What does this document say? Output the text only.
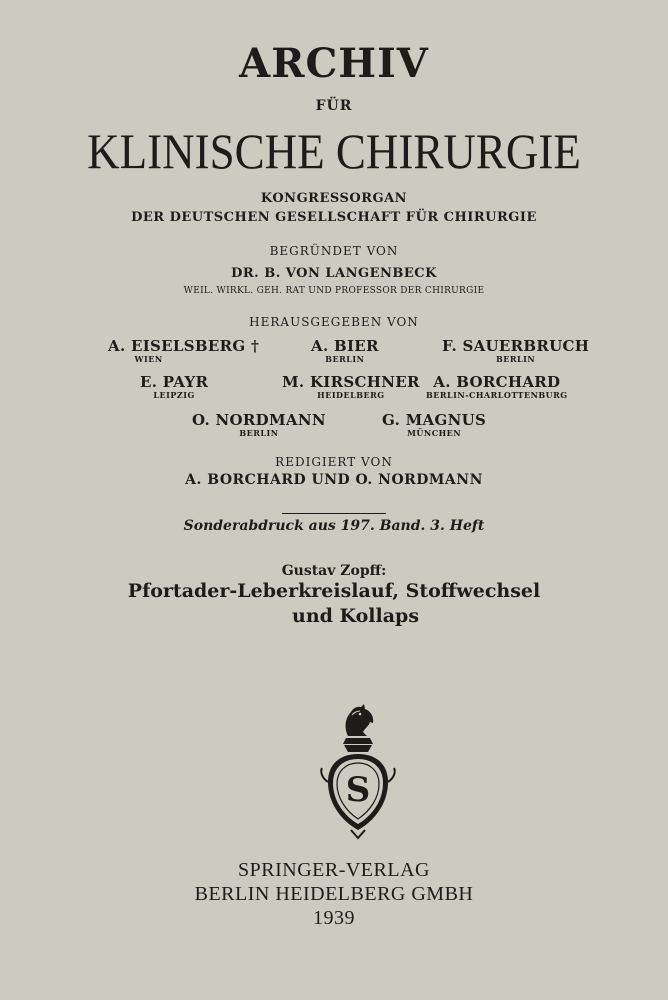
ARCHIV
FÜR
KLINISCHE CHIRURGIE
KONGRESSORGAN
DER DEUTSCHEN GESELLSCHAFT FÜR CHIRURGIE
BEGRÜNDET VON
DR. B. VON LANGENBECK
WEIL. WIRKL. GEH. RAT UND PROFESSOR DER CHIRURGIE
HERAUSGEGEBEN VON
A. EISELSBERG †
WIEN
A. BIER
BERLIN
F. SAUERBRUCH
BERLIN
E. PAYR
LEIPZIG
M. KIRSCHNER
HEIDELBERG
A. BORCHARD
BERLIN-CHARLOTTENBURG
O. NORDMANN
BERLIN
G. MAGNUS
MÜNCHEN
REDIGIERT VON
A. BORCHARD UND O. NORDMANN
Sonderabdruck aus 197. Band. 3. Heft
Gustav Zopff:
Pfortader-Leberkreislauf, Stoffwechsel
und Kollaps
S
SPRINGER-VERLAG
BERLIN HEIDELBERG GMBH
1939
